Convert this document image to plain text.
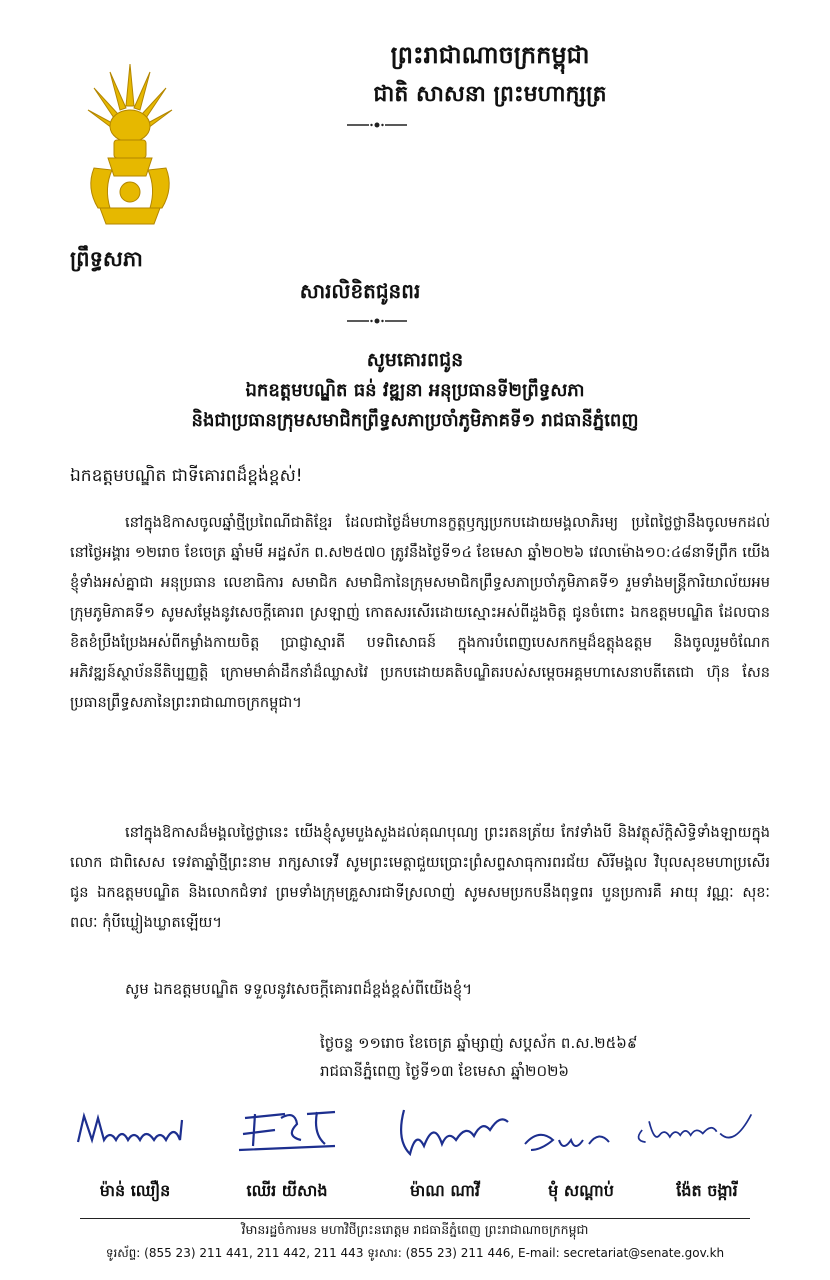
ព្រះរាជាណាចក្រកម្ពុជា
ជាតិ សាសនា ព្រះមហាក្សត្រ
ព្រឹទ្ធសភា
សារលិខិតជូនពរ
សូមគោរពជូន
ឯកឧត្តមបណ្ឌិត ធន់ វឌ្ឍនា អនុប្រធានទី២ព្រឹទ្ធសភា
និងជាប្រធានក្រុមសមាជិកព្រឹទ្ធសភាប្រចាំភូមិភាគទី១ រាជធានីភ្នំពេញ
ឯកឧត្តមបណ្ឌិត ជាទីគោរពដ៏ខ្ពង់ខ្ពស់!
នៅក្នុងឱកាសចូលឆ្នាំថ្មីប្រពៃណីជាតិខ្មែរ ដែលជាថ្ងៃដ៏មហានក្ខត្តឫក្សប្រកបដោយមង្គលាភិរម្យ ប្រពៃថ្លៃថ្លានឹងចូលមកដល់នៅថ្ងៃអង្គារ ១២រោច ខែចេត្រ ឆ្នាំមមី អដ្ឋស័ក ព.ស២៥៧០ ត្រូវនឹងថ្ងៃទី១៤ ខែមេសា ឆ្នាំ២០២៦ វេលាម៉ោង១០:៤៨នាទីព្រឹក យើងខ្ញុំទាំងអស់គ្នាជា អនុប្រធាន លេខាធិការ សមាជិក សមាជិកានៃក្រុមសមាជិកព្រឹទ្ធសភាប្រចាំភូមិភាគទី១ រួមទាំងមន្ត្រីការិយាល័យអមក្រុមភូមិភាគទី១ សូមសម្តែងនូវសេចក្តីគោរព ស្រឡាញ់ កោតសរសើរដោយស្មោះអស់ពីដួងចិត្ត ជូនចំពោះ ឯកឧត្តមបណ្ឌិត ដែលបានខិតខំប្រឹងប្រែងអស់ពីកម្លាំងកាយចិត្ត ប្រាជ្ញាស្មារតី បទពិសោធន៍ ក្នុងការបំពេញបេសកកម្មដ៏ឧត្តុងឧត្តម និងចូលរួមចំណែកអភិវឌ្ឍន៍ស្ថាប័ននីតិប្បញ្ញត្តិ ក្រោមមាគ៌ាដឹកនាំដ៏ឈ្លាសវៃ ប្រកបដោយគតិបណ្ឌិតរបស់សម្តេចអគ្គមហាសេនាបតីតេជោ ហ៊ុន សែន ប្រធានព្រឹទ្ធសភានៃព្រះរាជាណាចក្រកម្ពុជា។
នៅក្នុងឱកាសដ៏មង្គលថ្លៃថ្លានេះ យើងខ្ញុំសូមបួងសួងដល់គុណបុណ្យ ព្រះរតនត្រ័យ កែវទាំងបី និងវត្ថុស័ក្តិសិទ្ធិទាំងឡាយក្នុងលោក ជាពិសេស ទេវតាឆ្នាំថ្មីព្រះនាម រាក្សសាទេវី សូមព្រះមេត្តាជួយប្រោះព្រំសព្ទសាធុការពរជ័យ សិរីមង្គល វិបុលសុខមហាប្រសើរ ជូន ឯកឧត្តមបណ្ឌិត និងលោកជំទាវ ព្រមទាំងក្រុមគ្រួសារជាទីស្រលាញ់ សូមសមប្រកបនឹងពុទ្ធពរ បួនប្រការគឺ អាយុ វណ្ណៈ សុខៈ ពលៈ កុំបីឃ្លៀងឃ្លាតឡើយ។
សូម ឯកឧត្តមបណ្ឌិត ទទួលនូវសេចក្តីគោរពដ៏ខ្ពង់ខ្ពស់ពីយើងខ្ញុំ។
ថ្ងៃចន្ទ ១១រោច ខែចេត្រ ឆ្នាំម្សាញ់ សប្តស័ក ព.ស.២៥៦៩
រាជធានីភ្នំពេញ ថ្ងៃទី១៣ ខែមេសា ឆ្នាំ២០២៦
ម៉ាន់ ឈឿន	ឈើរ យីសាង	ម៉ាណ ណាវី	មុំ សណ្តាប់	ង៉ែត ចង្ការី
វិមានរដ្ឋចំការមន មហាវិថីព្រះនរោត្តម រាជធានីភ្នំពេញ ព្រះរាជាណាចក្រកម្ពុជា
ទូរស័ព្ទ: (855 23) 211 441, 211 442, 211 443 ទូរសារ: (855 23) 211 446, E-mail: secretariat@senate.gov.kh
